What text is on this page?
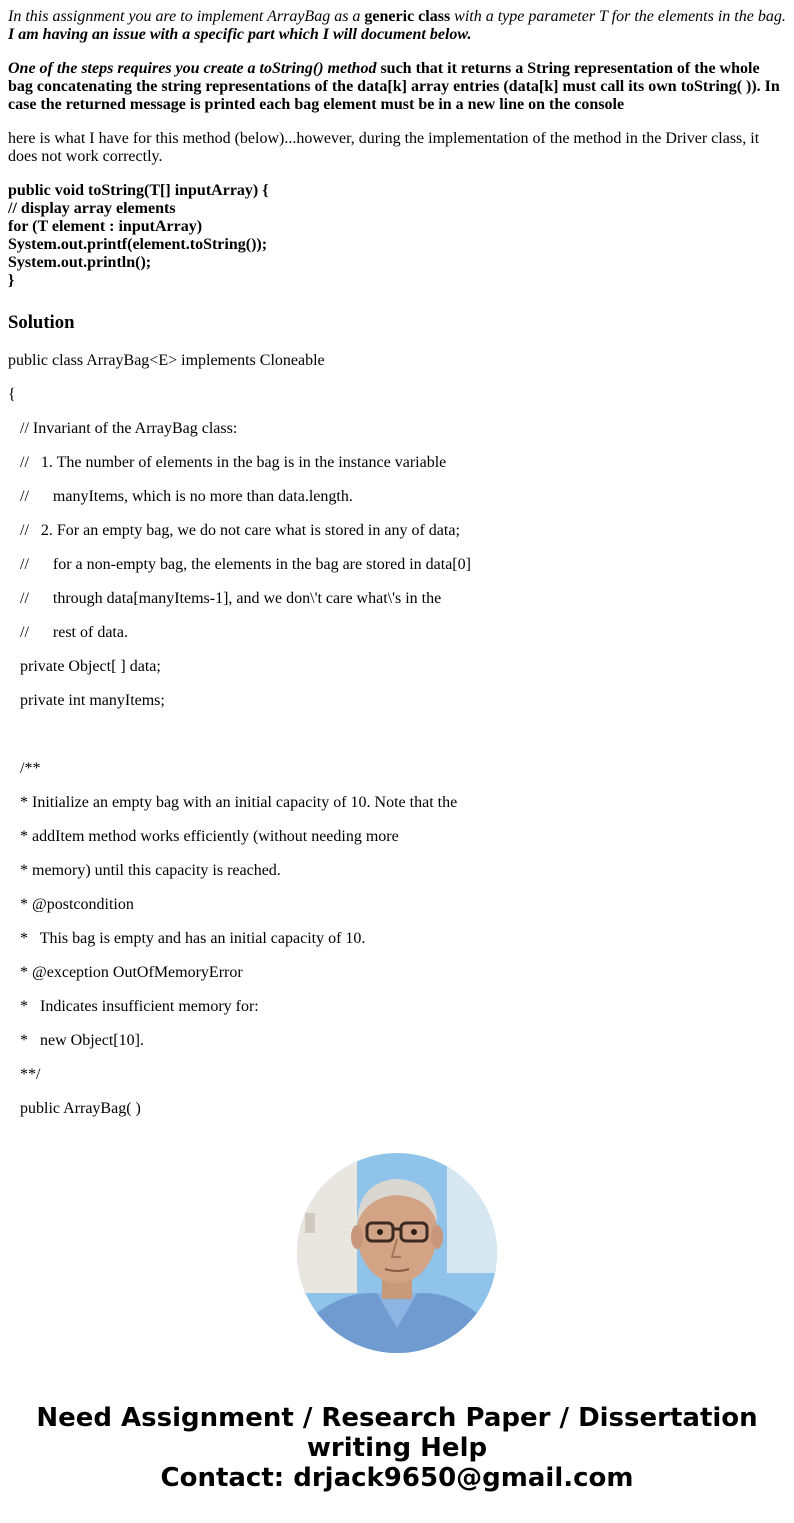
In this assignment you are to implement ArrayBag as a generic class with a type parameter T for the elements in the bag. I am having an issue with a specific part which I will document below.

One of the steps requires you create a toString() method such that it returns a String representation of the whole bag concatenating the string representations of the data[k] array entries (data[k] must call its own toString( )). In case the returned message is printed each bag element must be in a new line on the console

here is what I have for this method (below)...however, during the implementation of the method in the Driver class, it does not work correctly.

public void toString(T[] inputArray) {
// display array elements
for (T element : inputArray)
System.out.printf(element.toString());
System.out.println();
}
Solution
public class ArrayBag<E> implements Cloneable
{
// Invariant of the ArrayBag class:
//   1. The number of elements in the bag is in the instance variable
//      manyItems, which is no more than data.length.
//   2. For an empty bag, we do not care what is stored in any of data;
//      for a non-empty bag, the elements in the bag are stored in data[0]
//      through data[manyItems-1], and we don\'t care what\'s in the
//      rest of data.
private Object[ ] data;
private int manyItems;
/**
* Initialize an empty bag with an initial capacity of 10. Note that the
* addItem method works efficiently (without needing more
* memory) until this capacity is reached.
* @postcondition
*   This bag is empty and has an initial capacity of 10.
* @exception OutOfMemoryError
*   Indicates insufficient memory for:
*   new Object[10].
**/
public ArrayBag( )
Need Assignment / Research Paper / Dissertation
writing Help
Contact: drjack9650@gmail.com
